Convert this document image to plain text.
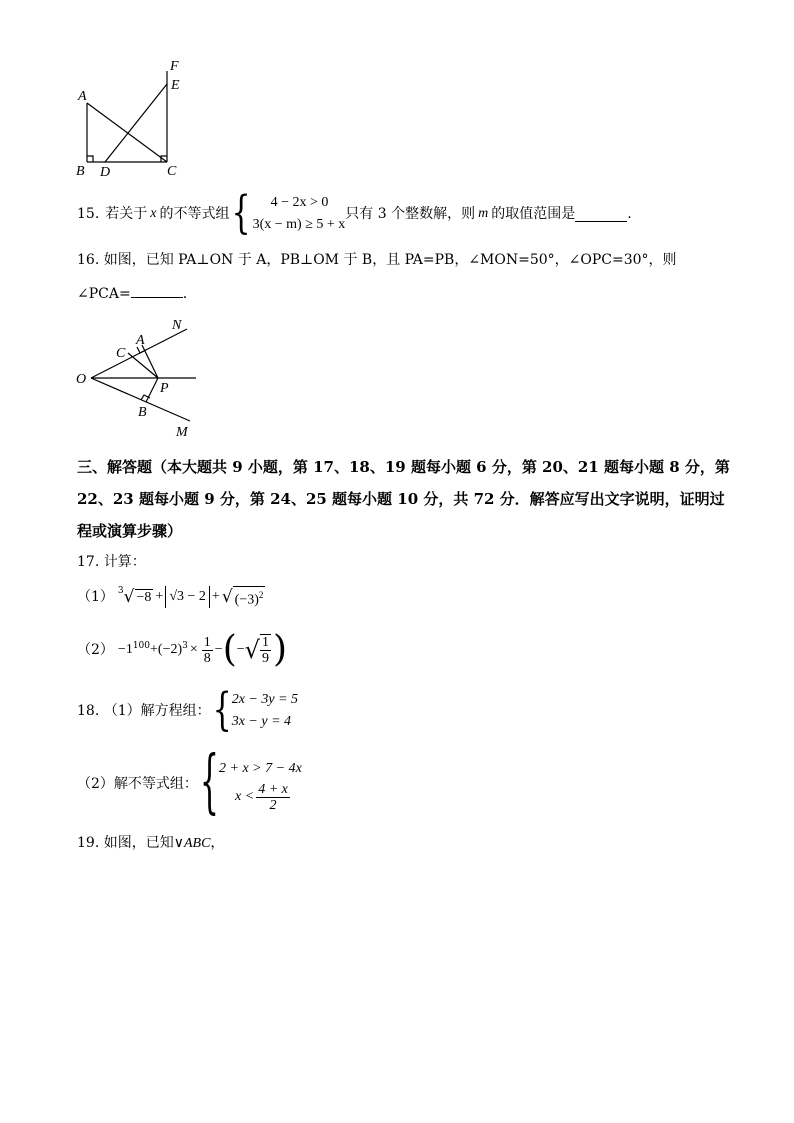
A
B D	C
F
E
15. 若关于 x 的不等式组 {	4 − 2x > 0
3(x − m) ≥ 5 + x
只有 3 个整数解，则 m 的取值范围是	.
16. 如图，已知 PA⊥ON 于 A，PB⊥OM 于 B，且 PA=PB，∠MON=50°，∠OPC=30°，则
∠PCA=	.
O
C
A
N
P
B
M
三、解答题（本大题共 9 小题，第 17、18、19 题每小题 6 分，第 20、21 题每小题 8 分，第
22、23 题每小题 9 分，第 24、25 题每小题 10 分，共 72 分．解答应写出文字说明，证明过
程或演算步骤）
17. 计算：
（1） $^3$ √ −8 + √3 − 2 + √ $(-3)^2$
$(2) -1^{100} +(-2)^3 \times \frac{1}{8}$ − ( − √ $\frac{1}{9}$ )
18. （1）解方程组： { 2x − 3y = 5
3x − y = 4
（2）解不等式组： { 2 + x > 7 − 4x
$x < \frac{4 + x}{2}$
19. 如图，已知∨ABC，
